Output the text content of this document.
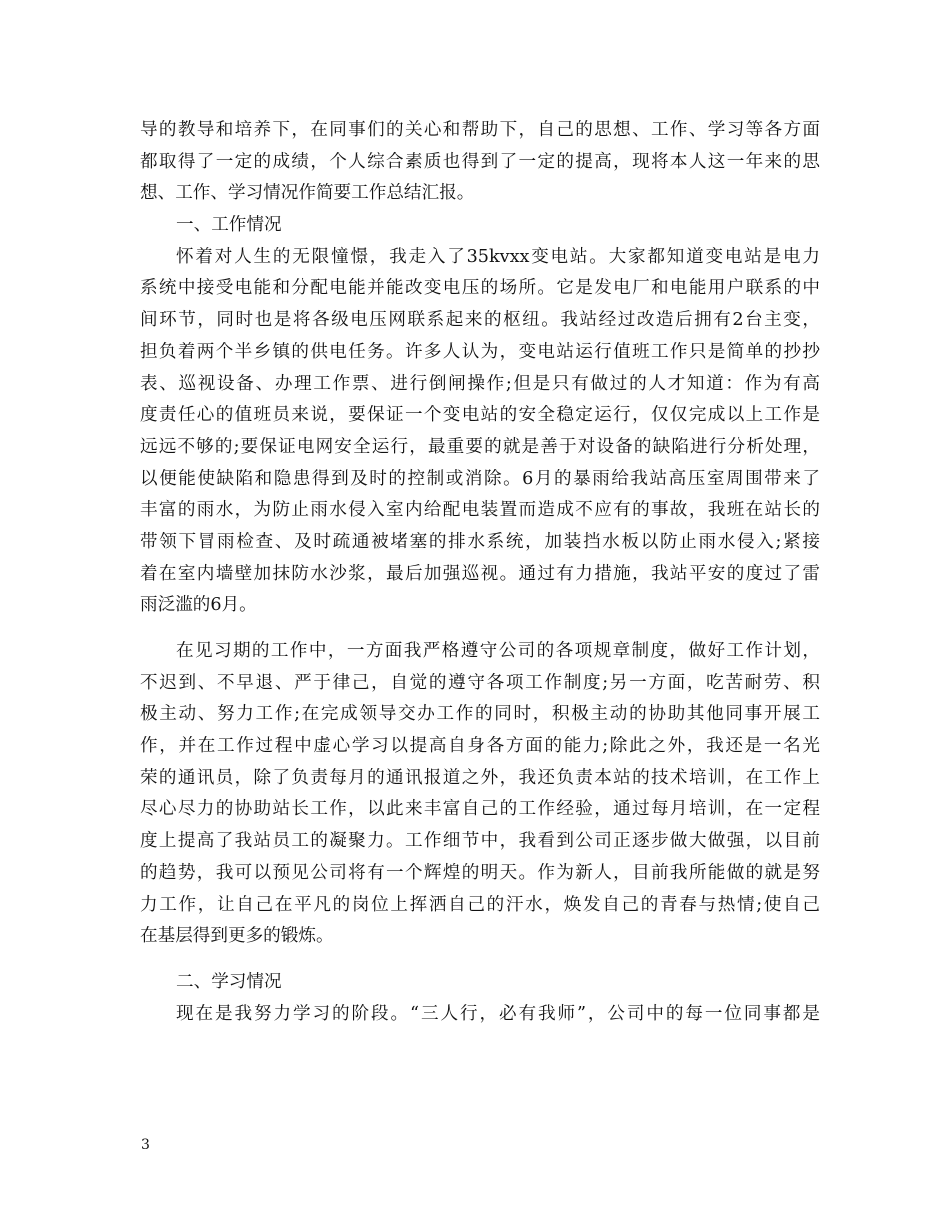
导的教导和培养下，在同事们的关心和帮助下，自己的思想、工作、学习等各方面
都取得了一定的成绩，个人综合素质也得到了一定的提高，现将本人这一年来的思
想、工作、学习情况作简要工作总结汇报。
一、工作情况
怀着对人生的无限憧憬，我走入了35kvxx变电站。大家都知道变电站是电力
系统中接受电能和分配电能并能改变电压的场所。它是发电厂和电能用户联系的中
间环节，同时也是将各级电压网联系起来的枢纽。我站经过改造后拥有2台主变，
担负着两个半乡镇的供电任务。许多人认为，变电站运行值班工作只是简单的抄抄
表、巡视设备、办理工作票、进行倒闸操作;但是只有做过的人才知道：作为有高
度责任心的值班员来说，要保证一个变电站的安全稳定运行，仅仅完成以上工作是
远远不够的;要保证电网安全运行，最重要的就是善于对设备的缺陷进行分析处理，
以便能使缺陷和隐患得到及时的控制或消除。6月的暴雨给我站高压室周围带来了
丰富的雨水，为防止雨水侵入室内给配电装置而造成不应有的事故，我班在站长的
带领下冒雨检查、及时疏通被堵塞的排水系统，加装挡水板以防止雨水侵入;紧接
着在室内墙壁加抹防水沙浆，最后加强巡视。通过有力措施，我站平安的度过了雷
雨泛滥的6月。
在见习期的工作中，一方面我严格遵守公司的各项规章制度，做好工作计划，
不迟到、不早退、严于律己，自觉的遵守各项工作制度;另一方面，吃苦耐劳、积
极主动、努力工作;在完成领导交办工作的同时，积极主动的协助其他同事开展工
作，并在工作过程中虚心学习以提高自身各方面的能力;除此之外，我还是一名光
荣的通讯员，除了负责每月的通讯报道之外，我还负责本站的技术培训，在工作上
尽心尽力的协助站长工作，以此来丰富自己的工作经验，通过每月培训，在一定程
度上提高了我站员工的凝聚力。工作细节中，我看到公司正逐步做大做强，以目前
的趋势，我可以预见公司将有一个辉煌的明天。作为新人，目前我所能做的就是努
力工作，让自己在平凡的岗位上挥洒自己的汗水，焕发自己的青春与热情;使自己
在基层得到更多的锻炼。
二、学习情况
现在是我努力学习的阶段。“三人行，必有我师”，公司中的每一位同事都是
3
